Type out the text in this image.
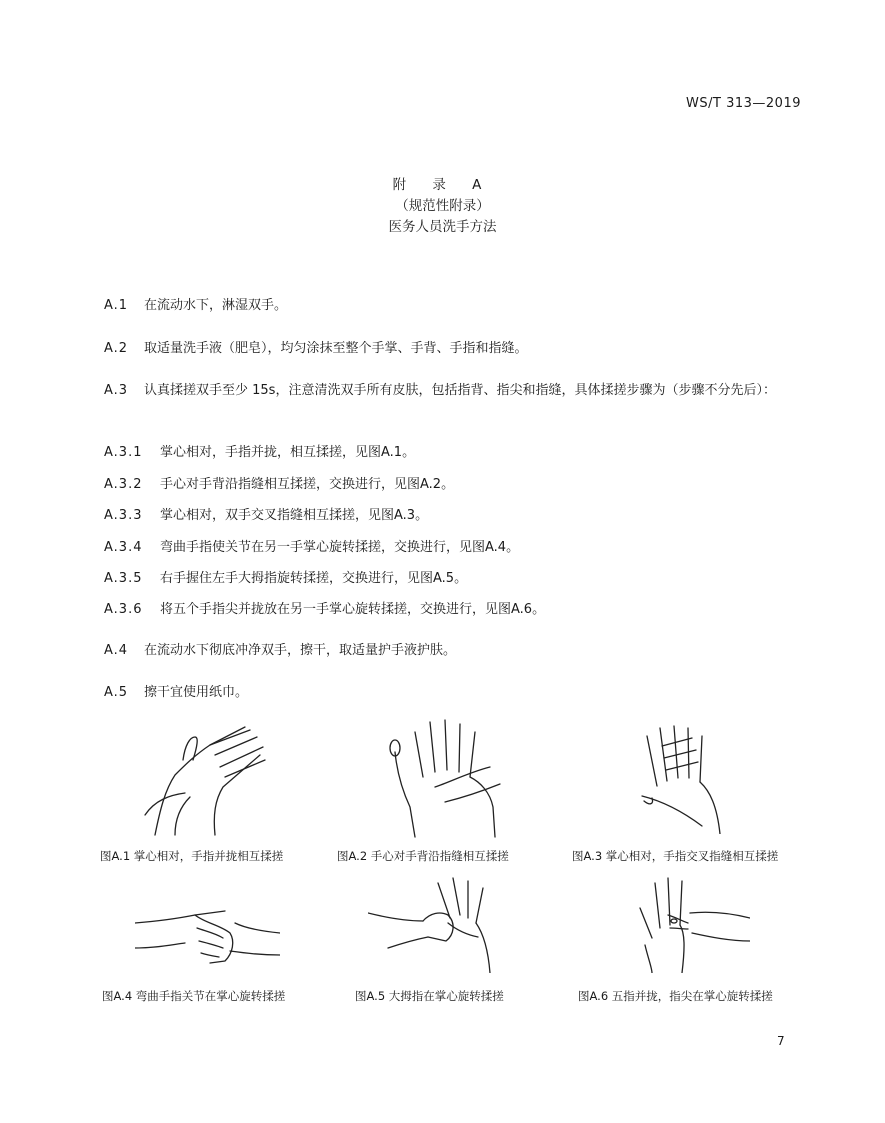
WS/T 313—2019
附 录 A
（规范性附录）
医务人员洗手方法
A.1 在流动水下，淋湿双手。
A.2 取适量洗手液（肥皂），均匀涂抹至整个手掌、手背、手指和指缝。
A.3 认真揉搓双手至少 15s，注意清洗双手所有皮肤，包括指背、指尖和指缝，具体揉搓步骤为（步骤不分先后）：
A.3.1 掌心相对，手指并拢，相互揉搓，见图A.1。
A.3.2 手心对手背沿指缝相互揉搓，交换进行，见图A.2。
A.3.3 掌心相对，双手交叉指缝相互揉搓，见图A.3。
A.3.4 弯曲手指使关节在另一手掌心旋转揉搓，交换进行，见图A.4。
A.3.5 右手握住左手大拇指旋转揉搓，交换进行，见图A.5。
A.3.6 将五个手指尖并拢放在另一手掌心旋转揉搓，交换进行，见图A.6。
A.4 在流动水下彻底冲净双手，擦干，取适量护手液护肤。
A.5 擦干宜使用纸巾。
图A.1 掌心相对，手指并拢相互揉搓	图A.2 手心对手背沿指缝相互揉搓	图A.3 掌心相对，手指交叉指缝相互揉搓
图A.4 弯曲手指关节在掌心旋转揉搓	图A.5 大拇指在掌心旋转揉搓	图A.6 五指并拢，指尖在掌心旋转揉搓
7
